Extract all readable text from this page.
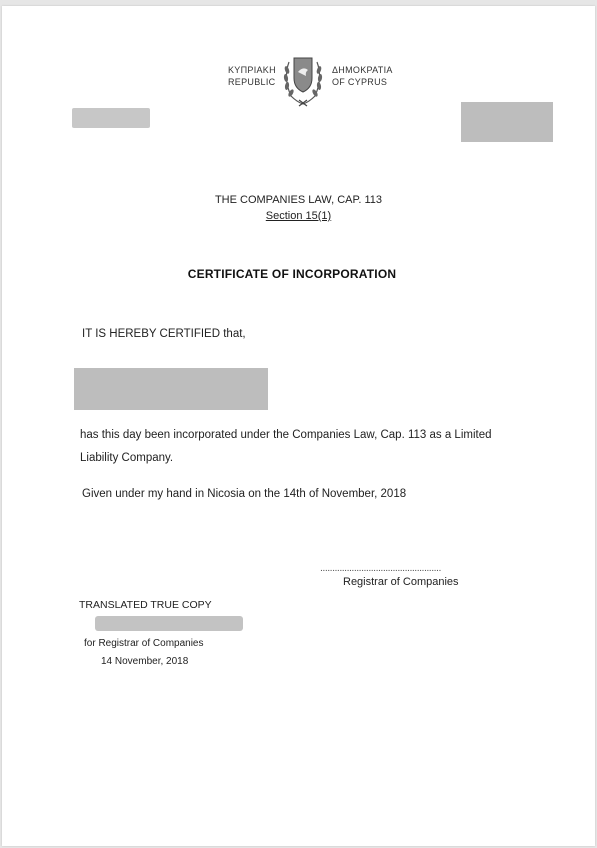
ΚΥΠΡΙΑΚΗ
REPUBLIC
ΔΗΜΟΚΡΑΤΙΑ
OF CYPRUS
THE COMPANIES LAW, CAP. 113
Section 15(1)
CERTIFICATE OF INCORPORATION
IT IS HEREBY CERTIFIED that,
has this day been incorporated under the Companies Law, Cap. 113 as a Limited
Liability Company.
Given under my hand in Nicosia on the 14th of November, 2018
..................................................
Registrar of Companies
TRANSLATED TRUE COPY
for Registrar of Companies
14 November, 2018
